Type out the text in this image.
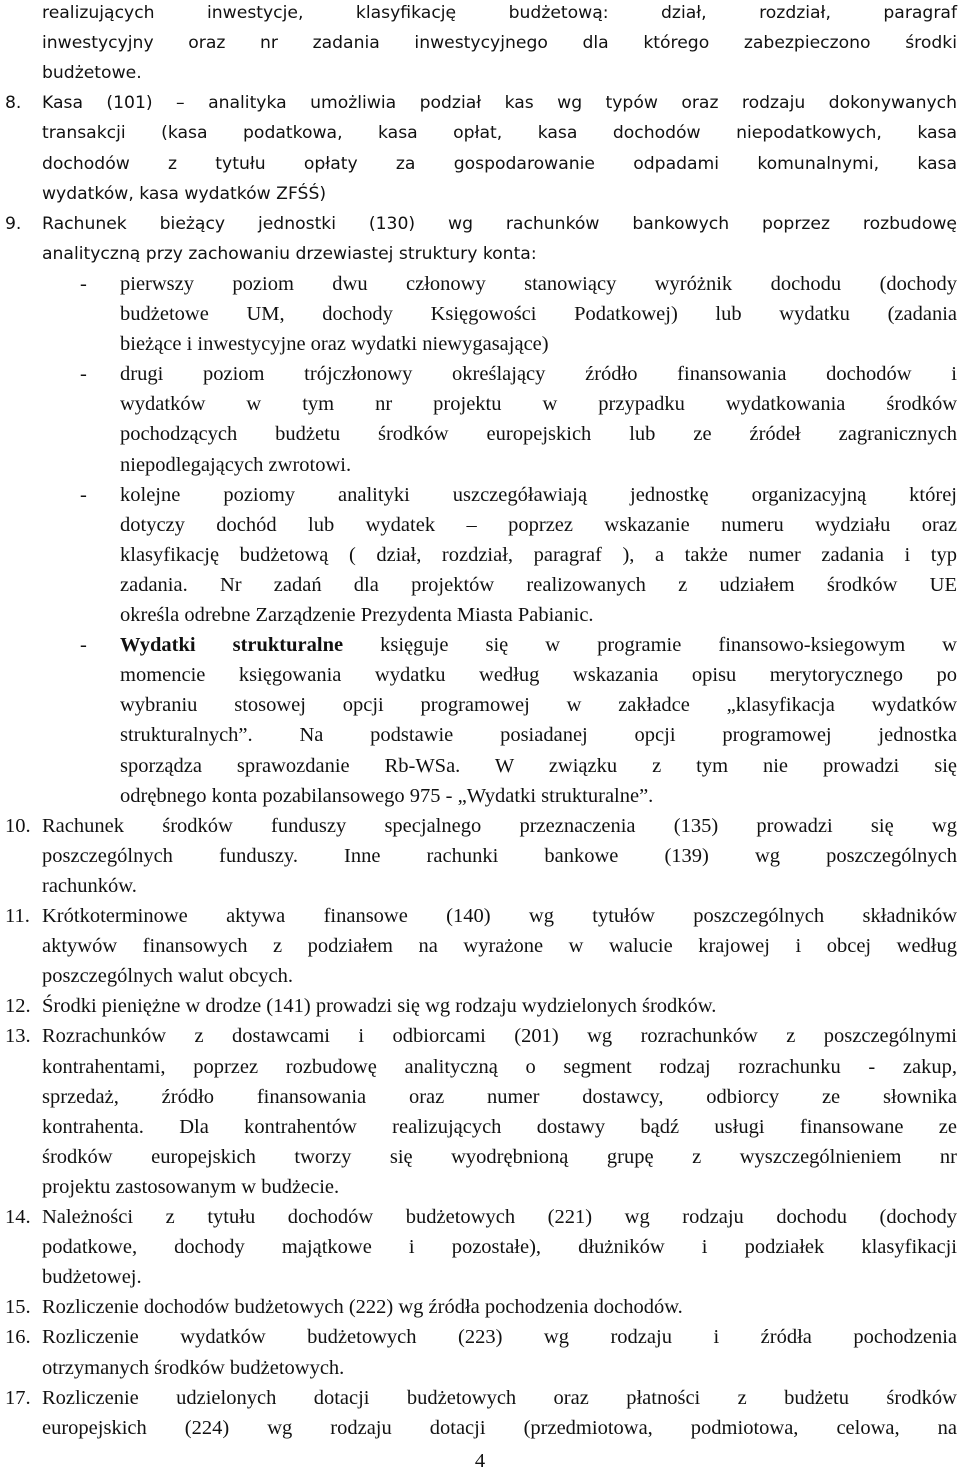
realizujących inwestycje, klasyfikację budżetową: dział, rozdział, paragraf
inwestycyjny oraz nr zadania inwestycyjnego dla którego zabezpieczono środki
budżetowe.
8. Kasa (101) – analityka umożliwia podział kas wg typów oraz rodzaju dokonywanych
transakcji (kasa podatkowa, kasa opłat, kasa dochodów niepodatkowych, kasa
dochodów z tytułu opłaty za gospodarowanie odpadami komunalnymi, kasa
wydatków, kasa wydatków ZFŚŚ)
9. Rachunek bieżący jednostki (130) wg rachunków bankowych poprzez rozbudowę
analityczną przy zachowaniu drzewiastej struktury konta:
- pierwszy poziom dwu członowy stanowiący wyróżnik dochodu (dochody
budżetowe UM, dochody Księgowości Podatkowej) lub wydatku (zadania
bieżące i inwestycyjne oraz wydatki niewygasające)
- drugi poziom trójczłonowy określający źródło finansowania dochodów i
wydatków w tym nr projektu w przypadku wydatkowania środków
pochodzących budżetu środków europejskich lub ze źródeł zagranicznych
niepodlegających zwrotowi.
- kolejne poziomy analityki uszczegóławiają jednostkę organizacyjną której
dotyczy dochód lub wydatek – poprzez wskazanie numeru wydziału oraz
klasyfikację budżetową ( dział, rozdział, paragraf ), a także numer zadania i typ
zadania. Nr zadań dla projektów realizowanych z udziałem środków UE
określa odrebne Zarządzenie Prezydenta Miasta Pabianic.
- Wydatki strukturalne księguje się w programie finansowo-ksiegowym w
momencie księgowania wydatku według wskazania opisu merytorycznego po
wybraniu stosowej opcji programowej w zakładce „klasyfikacja wydatków
strukturalnych”. Na podstawie posiadanej opcji programowej jednostka
sporządza sprawozdanie Rb-WSa. W związku z tym nie prowadzi się
odrębnego konta pozabilansowego 975 - „Wydatki strukturalne”.
10. Rachunek środków funduszy specjalnego przeznaczenia (135) prowadzi się wg
poszczególnych funduszy. Inne rachunki bankowe (139) wg poszczególnych
rachunków.
11. Krótkoterminowe aktywa finansowe (140) wg tytułów poszczególnych składników
aktywów finansowych z podziałem na wyrażone w walucie krajowej i obcej według
poszczególnych walut obcych.
12. Środki pieniężne w drodze (141) prowadzi się wg rodzaju wydzielonych środków.
13. Rozrachunków z dostawcami i odbiorcami (201) wg rozrachunków z poszczególnymi
kontrahentami, poprzez rozbudowę analityczną o segment rodzaj rozrachunku - zakup,
sprzedaż, źródło finansowania oraz numer dostawcy, odbiorcy ze słownika
kontrahenta. Dla kontrahentów realizujących dostawy bądź usługi finansowane ze
środków europejskich tworzy się wyodrębnioną grupę z wyszczególnieniem nr
projektu zastosowanym w budżecie.
14. Należności z tytułu dochodów budżetowych (221) wg rodzaju dochodu (dochody
podatkowe, dochody majątkowe i pozostałe), dłużników i podziałek klasyfikacji
budżetowej.
15. Rozliczenie dochodów budżetowych (222) wg źródła pochodzenia dochodów.
16. Rozliczenie wydatków budżetowych (223) wg rodzaju i źródła pochodzenia
otrzymanych środków budżetowych.
17. Rozliczenie udzielonych dotacji budżetowych oraz płatności z budżetu środków
europejskich (224) wg rodzaju dotacji (przedmiotowa, podmiotowa, celowa, na
4
